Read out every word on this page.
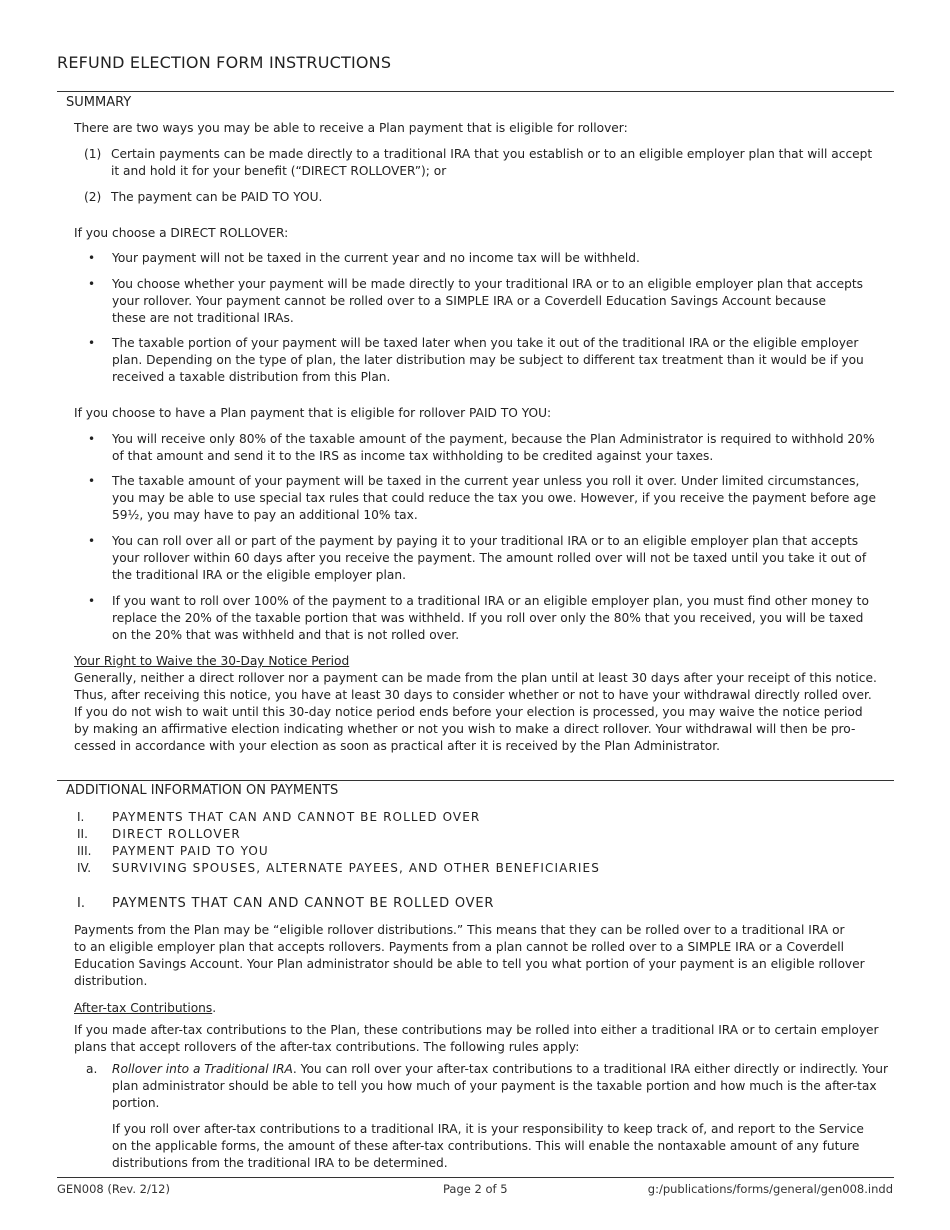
REFUND ELECTION FORM INSTRUCTIONS
SUMMARY
There are two ways you may be able to receive a Plan payment that is eligible for rollover:
(1) Certain payments can be made directly to a traditional IRA that you establish or to an eligible employer plan that will accept
it and hold it for your benefit (“DIRECT ROLLOVER”); or
(2) The payment can be PAID TO YOU.
If you choose a DIRECT ROLLOVER:
• Your payment will not be taxed in the current year and no income tax will be withheld.
• You choose whether your payment will be made directly to your traditional IRA or to an eligible employer plan that accepts
your rollover. Your payment cannot be rolled over to a SIMPLE IRA or a Coverdell Education Savings Account because
these are not traditional IRAs.
• The taxable portion of your payment will be taxed later when you take it out of the traditional IRA or the eligible employer
plan. Depending on the type of plan, the later distribution may be subject to different tax treatment than it would be if you
received a taxable distribution from this Plan.
If you choose to have a Plan payment that is eligible for rollover PAID TO YOU:
• You will receive only 80% of the taxable amount of the payment, because the Plan Administrator is required to withhold 20%
of that amount and send it to the IRS as income tax withholding to be credited against your taxes.
• The taxable amount of your payment will be taxed in the current year unless you roll it over. Under limited circumstances,
you may be able to use special tax rules that could reduce the tax you owe. However, if you receive the payment before age
59½, you may have to pay an additional 10% tax.
• You can roll over all or part of the payment by paying it to your traditional IRA or to an eligible employer plan that accepts
your rollover within 60 days after you receive the payment. The amount rolled over will not be taxed until you take it out of
the traditional IRA or the eligible employer plan.
• If you want to roll over 100% of the payment to a traditional IRA or an eligible employer plan, you must find other money to
replace the 20% of the taxable portion that was withheld. If you roll over only the 80% that you received, you will be taxed
on the 20% that was withheld and that is not rolled over.
Your Right to Waive the 30-Day Notice Period
Generally, neither a direct rollover nor a payment can be made from the plan until at least 30 days after your receipt of this notice.
Thus, after receiving this notice, you have at least 30 days to consider whether or not to have your withdrawal directly rolled over.
If you do not wish to wait until this 30-day notice period ends before your election is processed, you may waive the notice period
by making an affirmative election indicating whether or not you wish to make a direct rollover. Your withdrawal will then be pro-
cessed in accordance with your election as soon as practical after it is received by the Plan Administrator.
ADDITIONAL INFORMATION ON PAYMENTS
I. PAYMENTS THAT CAN AND CANNOT BE ROLLED OVER
II. DIRECT ROLLOVER
III. PAYMENT PAID TO YOU
IV. SURVIVING SPOUSES, ALTERNATE PAYEES, AND OTHER BENEFICIARIES
I. PAYMENTS THAT CAN AND CANNOT BE ROLLED OVER
Payments from the Plan may be “eligible rollover distributions.” This means that they can be rolled over to a traditional IRA or
to an eligible employer plan that accepts rollovers. Payments from a plan cannot be rolled over to a SIMPLE IRA or a Coverdell
Education Savings Account. Your Plan administrator should be able to tell you what portion of your payment is an eligible rollover
distribution.
After-tax Contributions.
If you made after-tax contributions to the Plan, these contributions may be rolled into either a traditional IRA or to certain employer
plans that accept rollovers of the after-tax contributions. The following rules apply:
a. Rollover into a Traditional IRA. You can roll over your after-tax contributions to a traditional IRA either directly or indirectly. Your
plan administrator should be able to tell you how much of your payment is the taxable portion and how much is the after-tax
portion.
If you roll over after-tax contributions to a traditional IRA, it is your responsibility to keep track of, and report to the Service
on the applicable forms, the amount of these after-tax contributions. This will enable the nontaxable amount of any future
distributions from the traditional IRA to be determined.
GEN008 (Rev. 2/12)	Page 2 of 5	g:/publications/forms/general/gen008.indd
